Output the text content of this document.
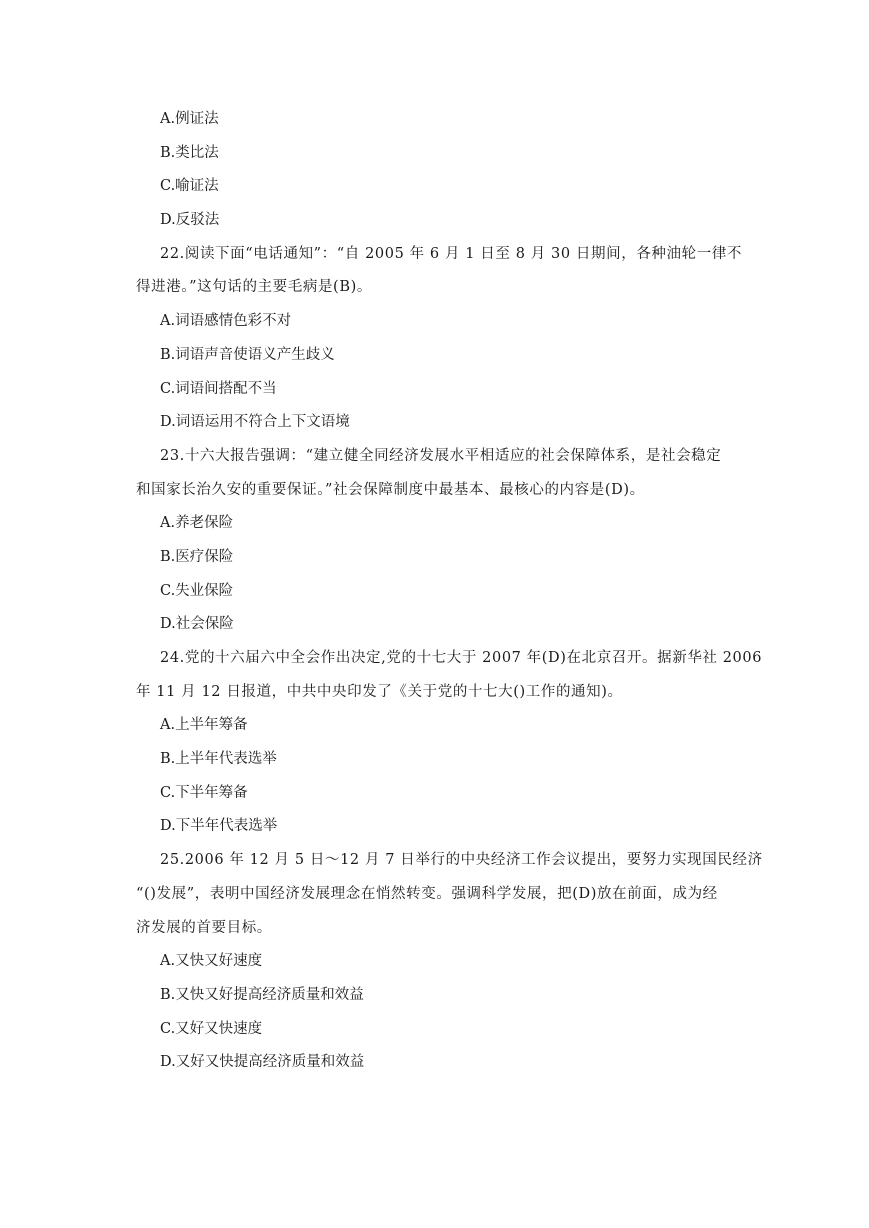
A.例证法
B.类比法
C.喻证法
D.反驳法
22.阅读下面“电话通知”：“自 2005 年 6 月 1 日至 8 月 30 日期间，各种油轮一律不
得进港。”这句话的主要毛病是(B)。
A.词语感情色彩不对
B.词语声音使语义产生歧义
C.词语间搭配不当
D.词语运用不符合上下文语境
23.十六大报告强调：“建立健全同经济发展水平相适应的社会保障体系，是社会稳定
和国家长治久安的重要保证。”社会保障制度中最基本、最核心的内容是(D)。
A.养老保险
B.医疗保险
C.失业保险
D.社会保险
24.党的十六届六中全会作出决定,党的十七大于 2007 年(D)在北京召开。据新华社 2006
年 11 月 12 日报道，中共中央印发了《关于党的十七大()工作的通知)。
A.上半年筹备
B.上半年代表选举
C.下半年筹备
D.下半年代表选举
25.2006 年 12 月 5 日～12 月 7 日举行的中央经济工作会议提出，要努力实现国民经济
“()发展”，表明中国经济发展理念在悄然转变。强调科学发展，把(D)放在前面，成为经
济发展的首要目标。
A.又快又好速度
B.又快又好提高经济质量和效益
C.又好又快速度
D.又好又快提高经济质量和效益
